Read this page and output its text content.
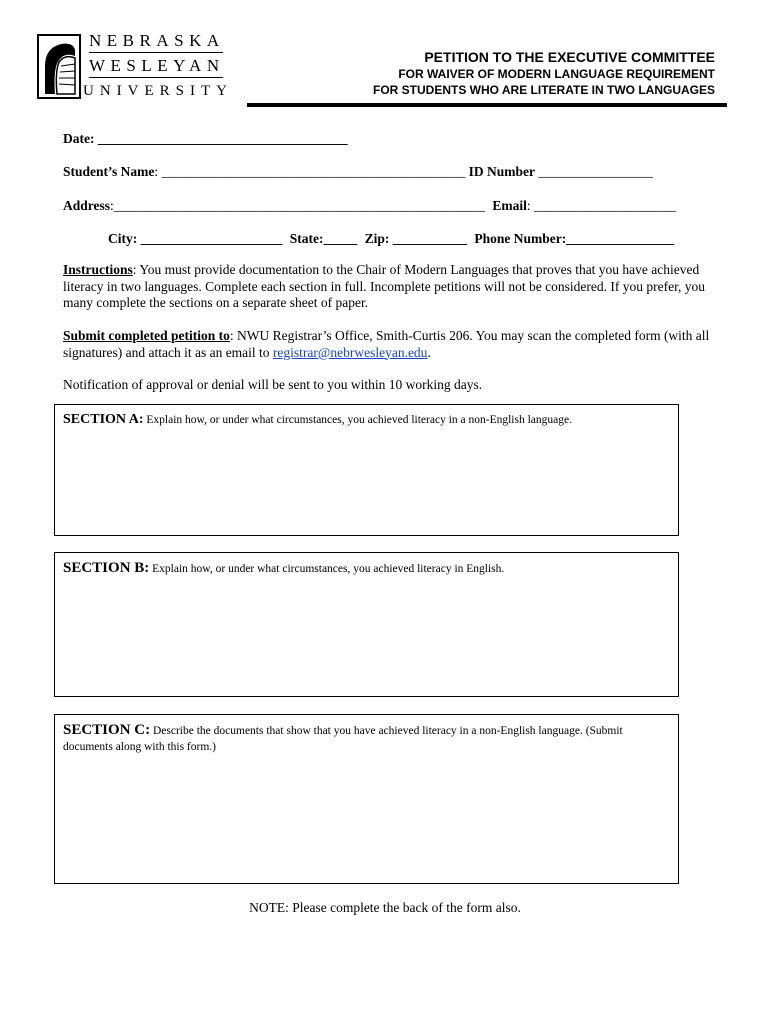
NEBRASKA
WESLEYAN
UNIVERSITY
PETITION TO THE EXECUTIVE COMMITTEE
FOR WAIVER OF MODERN LANGUAGE REQUIREMENT
FOR STUDENTS WHO ARE LITERATE IN TWO LANGUAGES
Date: _____________________________________
Student’s Name: _____________________________________________ ID Number _________________
Address:_______________________________________________________ Email: _____________________
City: _____________________ State:_____ Zip: ___________ Phone Number:________________
Instructions: You must provide documentation to the Chair of Modern Languages that proves that you have achieved literacy in two languages. Complete each section in full. Incomplete petitions will not be considered. If you prefer, you many complete the sections on a separate sheet of paper.
Submit completed petition to: NWU Registrar’s Office, Smith-Curtis 206. You may scan the completed form (with all signatures) and attach it as an email to registrar@nebrwesleyan.edu.
Notification of approval or denial will be sent to you within 10 working days.
SECTION A: Explain how, or under what circumstances, you achieved literacy in a non-English language.
SECTION B: Explain how, or under what circumstances, you achieved literacy in English.
SECTION C: Describe the documents that show that you have achieved literacy in a non-English language. (Submit documents along with this form.)
NOTE: Please complete the back of the form also.
